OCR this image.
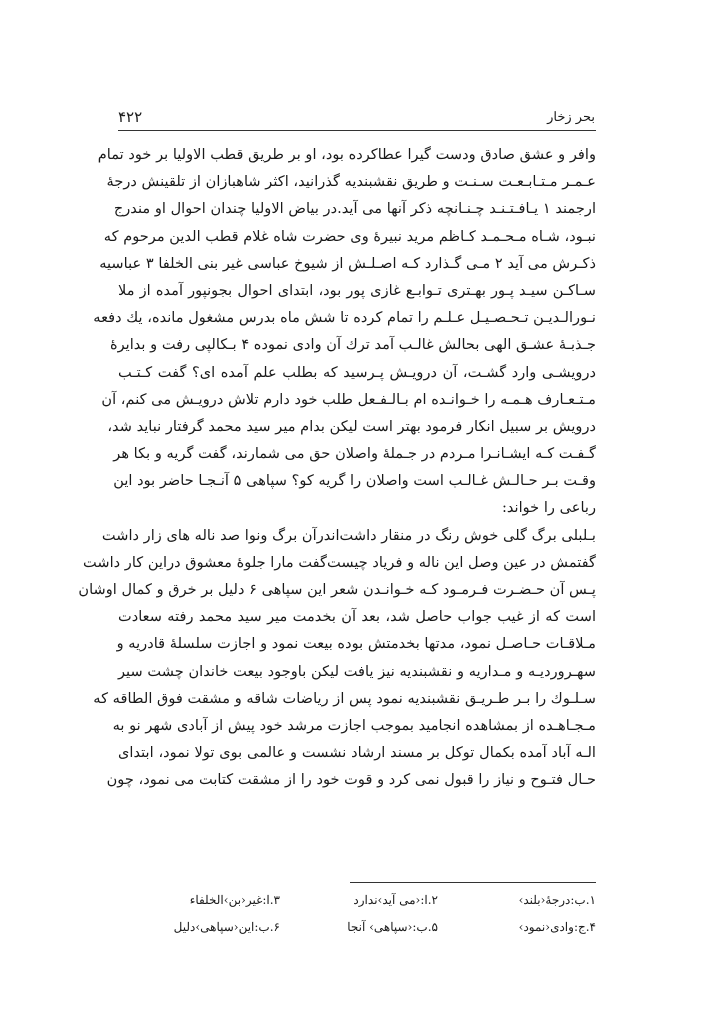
۴۲۲	بحر زخار
وافر و عشق صادق ودست گیرا عطاکرده بود، او بر طریق قطب الاولیا بر خود تمام
عـمـر مـتـابـعـت سـنـت و طریق نقشبندیه گذرانید، اکثر شاهبازان از تلقینش درجهٔ
ارجمند ۱ یـافـتـنـد چـنـانچه ذکر آنها می آید.در بیاض الاولیا چندان احوال او مندرج
نبـود، شـاه مـحـمـد کـاظم مرید نبیرهٔ وی حضرت شاه غلام قطب الدین مرحوم که
ذکـرش می آید ۲ مـی گـذارد کـه اصـلـش از شیوخ عباسی غیر بنی الخلفا ۳ عباسیه
سـاکـن سیـد پـور بهـتری تـوابـع غازی پور بود، ابتدای احوال بجونپور آمده از ملا
نـورالـدیـن تـحـصـیـل عـلـم را تمام کرده تا شش ماه بدرس مشغول مانده، یك دفعه
جـذبـهٔ عشـق الهی بحالش غالـب آمد ترك آن وادی نموده ۴ بـکالپی رفت و بدایرهٔ
درویشـی وارد گشـت، آن درویـش پـرسید که بطلب علم آمده ای؟ گفت کـتـب
مـتـعـارف هـمـه را خـوانـده ام بـالـفـعل طلب خود دارم تلاش درویـش می کنم، آن
درویش بر سبیل انکار فرمود بهتر است لیکن بدام میر سید محمد گرفتار نباید شد،
گـفـت کـه ایشـانـرا مـردم در جـملهٔ واصلان حق می شمارند، گفت گریه و بکا هر
وقـت بـر حـالـش غـالـب است واصلان را گریه کو؟ سپاهی ۵ آنـجـا حاضر بود این
رباعی را خواند:
بـلبلی برگ گلی خوش رنگ در منقار داشت
اندرآن برگ ونوا صد ناله های زار داشت
گفتمش در عین وصل این ناله و فریاد چیست
گفت مارا جلوهٔ معشوق دراین کار داشت
پـس آن حـضـرت فـرمـود کـه خـوانـدن شعر این سپاهی ۶ دلیل بر خرق و کمال اوشان
است که از غیب جواب حاصل شد، بعد آن بخدمت میر سید محمد رفته سعادت
مـلاقـات حـاصـل نمود، مدتها بخدمتش بوده بیعت نمود و اجازت سلسلهٔ قادریه و
سهـروردیـه و مـداریه و نقشبندیه نیز یافت لیکن باوجود بیعت خاندان چشت سیر
سـلـوك را بـر طـریـق نقشبندیه نمود پس از ریاضات شاقه و مشقت فوق الطاقه که
مـجـاهـده از بمشاهده انجامید بموجب اجازت مرشد خود پیش از آبادی شهر نو به
الـه آباد آمده بکمال توکل بر مسند ارشاد نشست و عالمی بوی تولا نمود، ابتدای
حـال فتـوح و نیاز را قبول نمی کرد و قوت خود را از مشقت کتابت می نمود، چون
۱.ب:درجهٔ‹بلند›
۲.ا:‹می آید›ندارد
۳.ا:غیر‹بن›الخلفاء
۴.ج:وادی‹نمود›
۵.ب:‹سپاهی› آنجا
۶.ب:این‹سپاهی›دلیل
